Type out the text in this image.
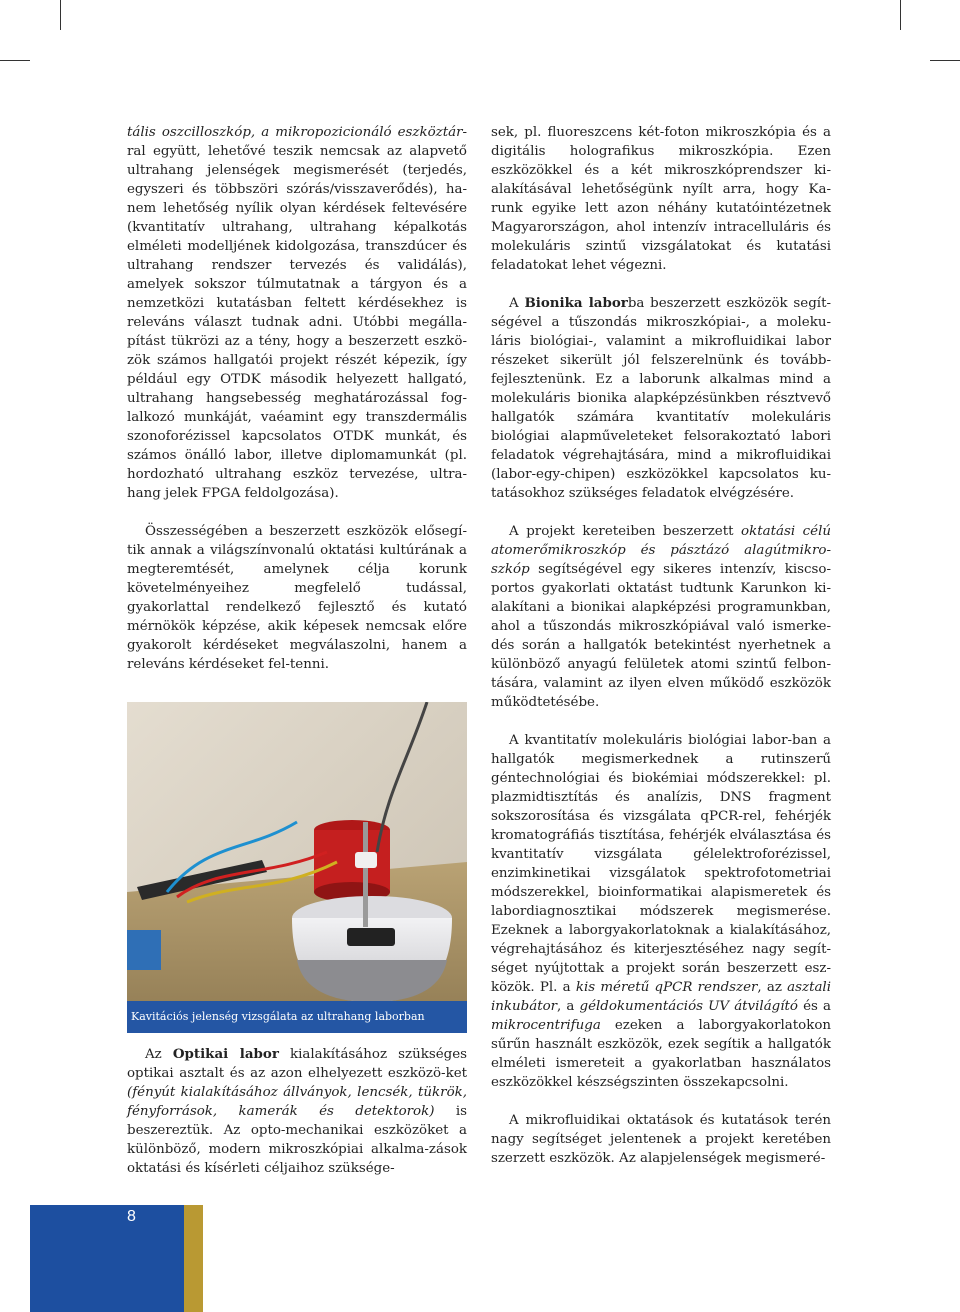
tális oszcilloszkóp, a mikropozicionáló eszköztár- ral együtt, lehetővé teszik nemcsak az alapvető ultrahang jelenségek megismerését (terjedés, egyszeri és többszöri szórás/visszaverődés), ha-nem lehetőség nyílik olyan kérdések feltevésére (kvantitatív ultrahang, ultrahang képalkotás elméleti modelljének kidolgozása, transzdúcer és ultrahang rendszer tervezés és validálás), amelyek sokszor túlmutatnak a tárgyon és a nemzetközi kutatásban feltett kérdésekhez is releváns választ tudnak adni. Utóbbi megálla-pítást tükrözi az a tény, hogy a beszerzett eszkö-zök számos hallgatói projekt részét képezik, így például egy OTDK második helyezett hallgató, ultrahang hangsebesség meghatározással fog-lalkozó munkáját, vaéamint egy transzdermális szonoforézissel kapcsolatos OTDK munkát, és számos önálló labor, illetve diplomamunkát (pl. hordozható ultrahang eszköz tervezése, ultra-hang jelek FPGA feldolgozása).

Összességében a beszerzett eszközök elősegí-tik annak a világszínvonalú oktatási kultúrának a megteremtését, amelynek célja korunk követelményeihez megfelelő tudással, gyakorlattal rendelkező fejlesztő és kutató mérnökök képzése, akik képesek nemcsak előre gyakorolt kérdéseket megválaszolni, hanem a releváns kérdéseket fel-tenni.

Kavitációs jelenség vizsgálata az ultrahang laborban

Az Optikai labor kialakításához szükséges optikai asztalt és az azon elhelyezett eszközö-ket (fényút kialakításához állványok, lencsék, tükrök, fényforrások, kamerák és detektorok) is beszereztük. Az opto-mechanikai eszközöket a különböző, modern mikroszkópiai alkalma-zások oktatási és kísérleti céljaihoz szüksége-

sek, pl. fluoreszcens két-foton mikroszkópia és a digitális holografikus mikroszkópia. Ezen eszközökkel és a két mikroszkóprendszer ki-alakításával lehetőségünk nyílt arra, hogy Ka-runk egyike lett azon néhány kutatóintézetnek Magyarországon, ahol intenzív intracelluláris és molekuláris szintű vizsgálatokat és kutatási feladatokat lehet végezni.

A Bionika laborba beszerzett eszközök segít-ségével a tűszondás mikroszkópiai-, a moleku-láris biológiai-, valamint a mikrofluidikai labor részeket sikerült jól felszerelnünk és tovább-fejlesztenünk. Ez a laborunk alkalmas mind a molekuláris bionika alapképzésünkben résztvevő hallgatók számára kvantitatív molekuláris biológiai alapműveleteket felsorakoztató labori feladatok végrehajtására, mind a mikrofluidikai (labor-egy-chipen) eszközökkel kapcsolatos ku-tatásokhoz szükséges feladatok elvégzésére.

A projekt kereteiben beszerzett oktatási célú atomerőmikroszkóp és pásztázó alagútmikro-szkóp segítségével egy sikeres intenzív, kiscso-portos gyakorlati oktatást tudtunk Karunkon ki-alakítani a bionikai alapképzési programunkban, ahol a tűszondás mikroszkópiával való ismerke-dés során a hallgatók betekintést nyerhetnek a különböző anyagú felületek atomi szintű felbon-tására, valamint az ilyen elven működő eszközök működtetésébe.

A kvantitatív molekuláris biológiai labor-ban a hallgatók megismerkednek a rutinszerű géntechnológiai és biokémiai módszerekkel: pl. plazmidtisztítás és analízis, DNS fragment sokszorosítása és vizsgálata qPCR-rel, fehérjék kromatográfiás tisztítása, fehérjék elválasztása és kvantitatív vizsgálata gélelektroforézissel, enzimkinetikai vizsgálatok spektrofotometriai módszerekkel, bioinformatikai alapismeretek és labordiagnosztikai módszerek megismerése. Ezeknek a laborgyakorlatoknak a kialakításához, végrehajtásához és kiterjesztéséhez nagy segít-séget nyújtottak a projekt során beszerzett esz-közök. Pl. a kis méretű qPCR rendszer, az asztali inkubátor, a géldokumentációs UV átvilágító és a mikrocentrifuga ezeken a laborgyakorlatokon sűrűn használt eszközök, ezek segítik a hallgatók elméleti ismereteit a gyakorlatban használatos eszközökkel készségszinten összekapcsolni.

A mikrofluidikai oktatások és kutatások terén nagy segítséget jelentenek a projekt keretében szerzett eszközök. Az alapjelenségek megismeré-

8
